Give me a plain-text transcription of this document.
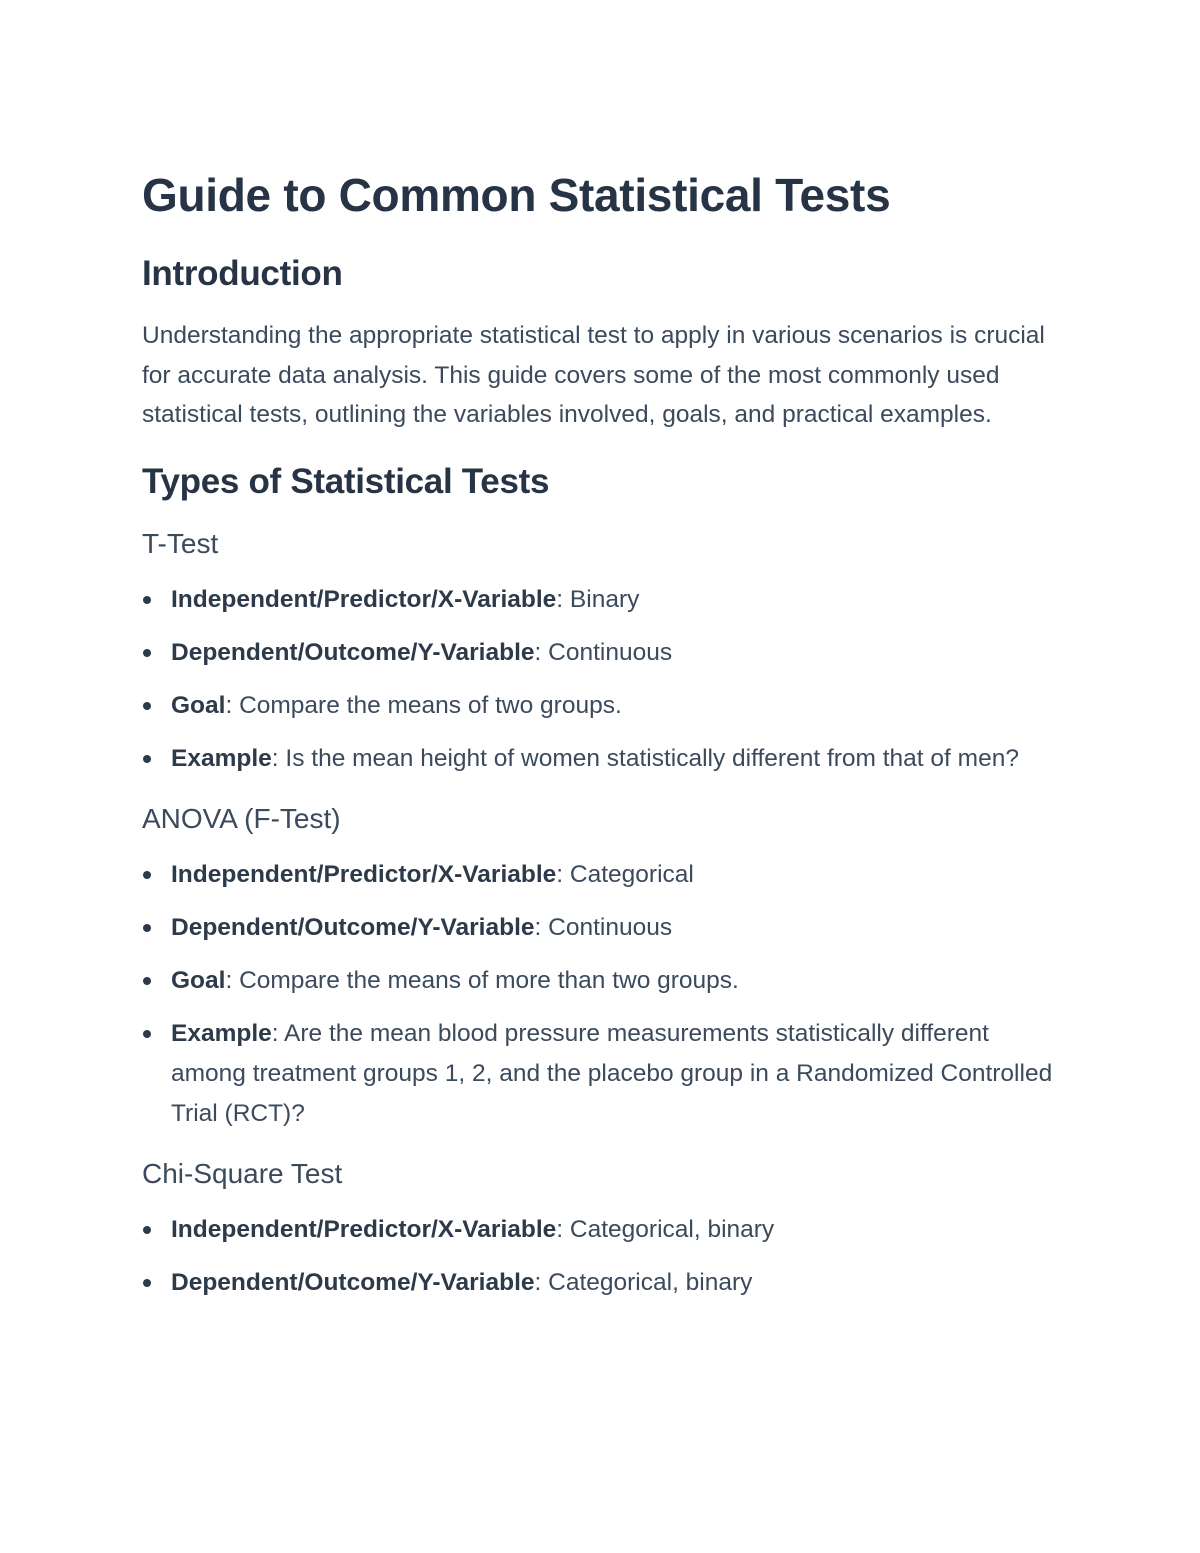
Guide to Common Statistical Tests
Introduction

Understanding the appropriate statistical test to apply in various scenarios is crucial for accurate data analysis. This guide covers some of the most commonly used statistical tests, outlining the variables involved, goals, and practical examples.

Types of Statistical Tests
T-Test
Independent/Predictor/X-Variable: Binary
Dependent/Outcome/Y-Variable: Continuous
Goal: Compare the means of two groups.
Example: Is the mean height of women statistically different from that of men?
ANOVA (F-Test)
Independent/Predictor/X-Variable: Categorical
Dependent/Outcome/Y-Variable: Continuous
Goal: Compare the means of more than two groups.
Example: Are the mean blood pressure measurements statistically different among treatment groups 1, 2, and the placebo group in a Randomized Controlled Trial (RCT)?
Chi-Square Test
Independent/Predictor/X-Variable: Categorical, binary
Dependent/Outcome/Y-Variable: Categorical, binary
